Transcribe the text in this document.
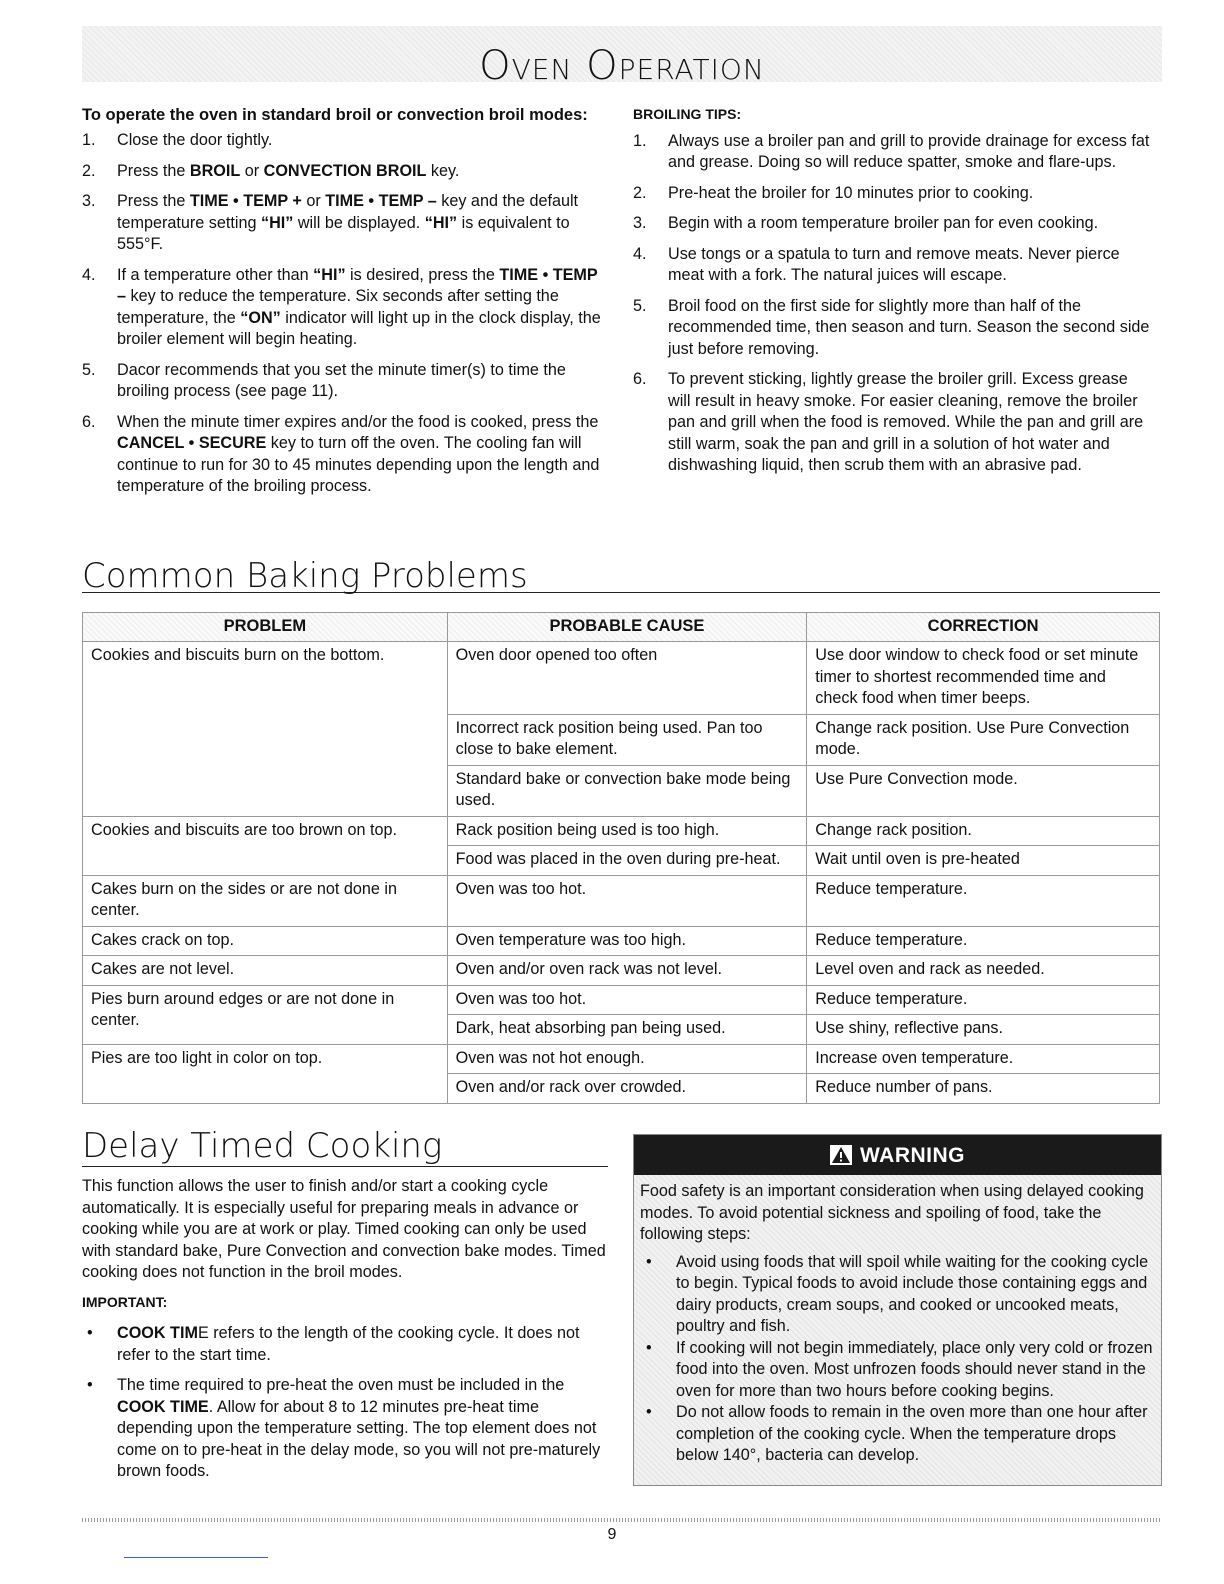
Oven Operation
To operate the oven in standard broil or convection broil modes:
1. Close the door tightly.
2. Press the BROIL or CONVECTION BROIL key.
3. Press the TIME • TEMP + or TIME • TEMP – key and the default temperature setting “HI” will be displayed. “HI” is equivalent to 555°F.
4. If a temperature other than “HI” is desired, press the TIME • TEMP – key to reduce the temperature. Six seconds after setting the temperature, the “ON” indicator will light up in the clock display, the broiler element will begin heating.
5. Dacor recommends that you set the minute timer(s) to time the broiling process (see page 11).
6. When the minute timer expires and/or the food is cooked, press the CANCEL • SECURE key to turn off the oven. The cooling fan will continue to run for 30 to 45 minutes depending upon the length and temperature of the broiling process.
BROILING TIPS:
1. Always use a broiler pan and grill to provide drainage for excess fat and grease. Doing so will reduce spatter, smoke and flare-ups.
2. Pre-heat the broiler for 10 minutes prior to cooking.
3. Begin with a room temperature broiler pan for even cooking.
4. Use tongs or a spatula to turn and remove meats. Never pierce meat with a fork. The natural juices will escape.
5. Broil food on the first side for slightly more than half of the recommended time, then season and turn. Season the second side just before removing.
6. To prevent sticking, lightly grease the broiler grill. Excess grease will result in heavy smoke. For easier cleaning, remove the broiler pan and grill when the food is removed. While the pan and grill are still warm, soak the pan and grill in a solution of hot water and dishwashing liquid, then scrub them with an abrasive pad.
Common Baking Problems
PROBLEM	PROBABLE CAUSE	CORRECTION
Cookies and biscuits burn on the bottom.	Oven door opened too often	Use door window to check food or set minute timer to shortest recommended time and check food when timer beeps.
	Incorrect rack position being used. Pan too close to bake element.	Change rack position. Use Pure Convection mode.
	Standard bake or convection bake mode being used.	Use Pure Convection mode.
Cookies and biscuits are too brown on top.	Rack position being used is too high.	Change rack position.
	Food was placed in the oven during pre-heat.	Wait until oven is pre-heated
Cakes burn on the sides or are not done in center.	Oven was too hot.	Reduce temperature.
Cakes crack on top.	Oven temperature was too high.	Reduce temperature.
Cakes are not level.	Oven and/or oven rack was not level.	Level oven and rack as needed.
Pies burn around edges or are not done in center.	Oven was too hot.	Reduce temperature.
	Dark, heat absorbing pan being used.	Use shiny, reflective pans.
Pies are too light in color on top.	Oven was not hot enough.	Increase oven temperature.
	Oven and/or rack over crowded.	Reduce number of pans.
Delay Timed Cooking

This function allows the user to finish and/or start a cooking cycle automatically. It is especially useful for preparing meals in advance or cooking while you are at work or play. Timed cooking can only be used with standard bake, Pure Convection and convection bake modes. Timed cooking does not function in the broil modes.

IMPORTANT:
• COOK TIME refers to the length of the cooking cycle. It does not refer to the start time.
• The time required to pre-heat the oven must be included in the COOK TIME. Allow for about 8 to 12 minutes pre-heat time depending upon the temperature setting. The top element does not come on to pre-heat in the delay mode, so you will not pre-maturely brown foods.
WARNING

Food safety is an important consideration when using delayed cooking modes. To avoid potential sickness and spoiling of food, take the following steps:

• Avoid using foods that will spoil while waiting for the cooking cycle to begin. Typical foods to avoid include those containing eggs and dairy products, cream soups, and cooked or uncooked meats, poultry and fish.
• If cooking will not begin immediately, place only very cold or frozen food into the oven. Most unfrozen foods should never stand in the oven for more than two hours before cooking begins.
• Do not allow foods to remain in the oven more than one hour after completion of the cooking cycle. When the temperature drops below 140°, bacteria can develop.
9
